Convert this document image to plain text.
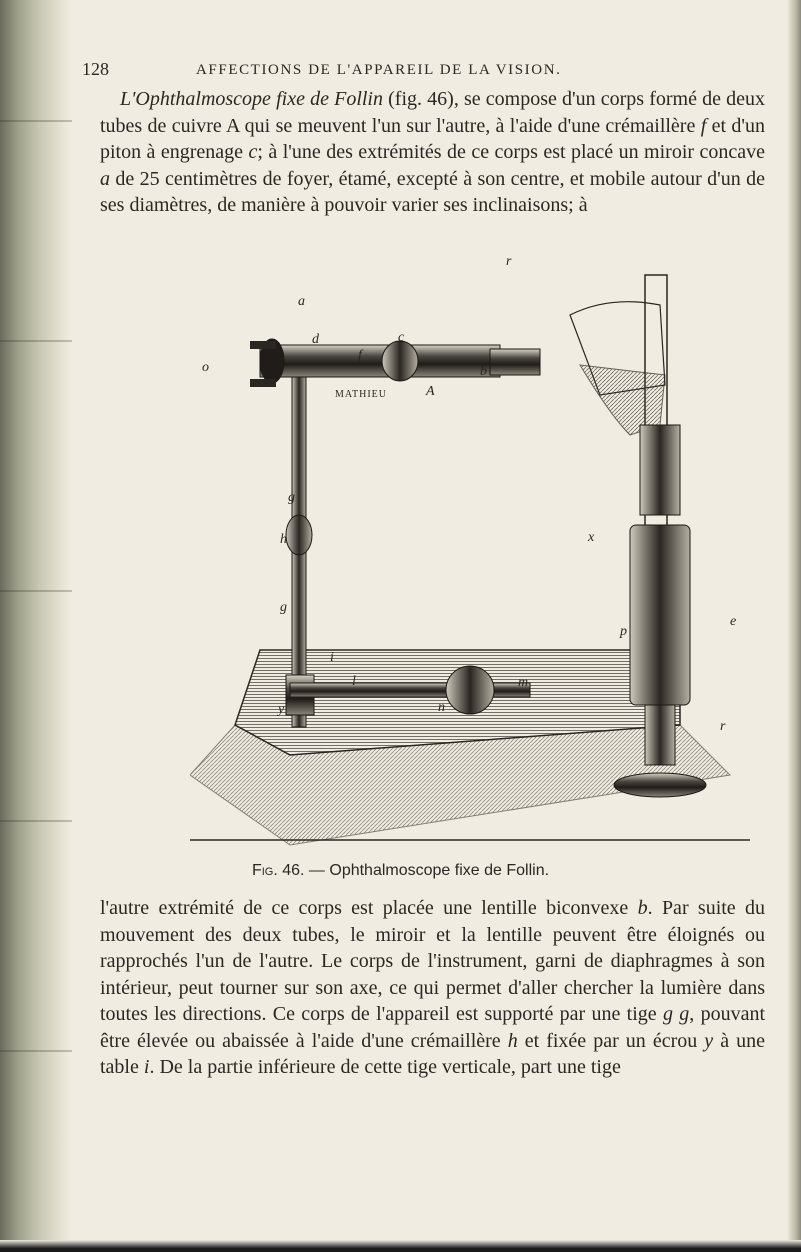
128	AFFECTIONS DE L'APPAREIL DE LA VISION.

L'Ophthalmoscope fixe de Follin (fig. 46), se compose d'un corps formé de deux tubes de cuivre A qui se meuvent l'un sur l'autre, à l'aide d'une crémaillère f et d'un piton à engrenage c; à l'une des extrémités de ce corps est placé un miroir concave a de 25 centimètres de foyer, étamé, excepté à son centre, et mobile autour d'un de ses diamètres, de manière à pouvoir varier ses inclinaisons; à

MATHIEU
a
d
f
c
A
b
o
g
h
g
y
i
l	m
n
p
x
e
r
r
Fig. 46. — Ophthalmoscope fixe de Follin.

l'autre extrémité de ce corps est placée une lentille biconvexe b. Par suite du mouvement des deux tubes, le miroir et la lentille peuvent être éloignés ou rapprochés l'un de l'autre. Le corps de l'instrument, garni de diaphragmes à son intérieur, peut tourner sur son axe, ce qui permet d'aller chercher la lumière dans toutes les directions. Ce corps de l'appareil est supporté par une tige g g, pouvant être élevée ou abaissée à l'aide d'une crémaillère h et fixée par un écrou y à une table i. De la partie inférieure de cette tige verticale, part une tige
